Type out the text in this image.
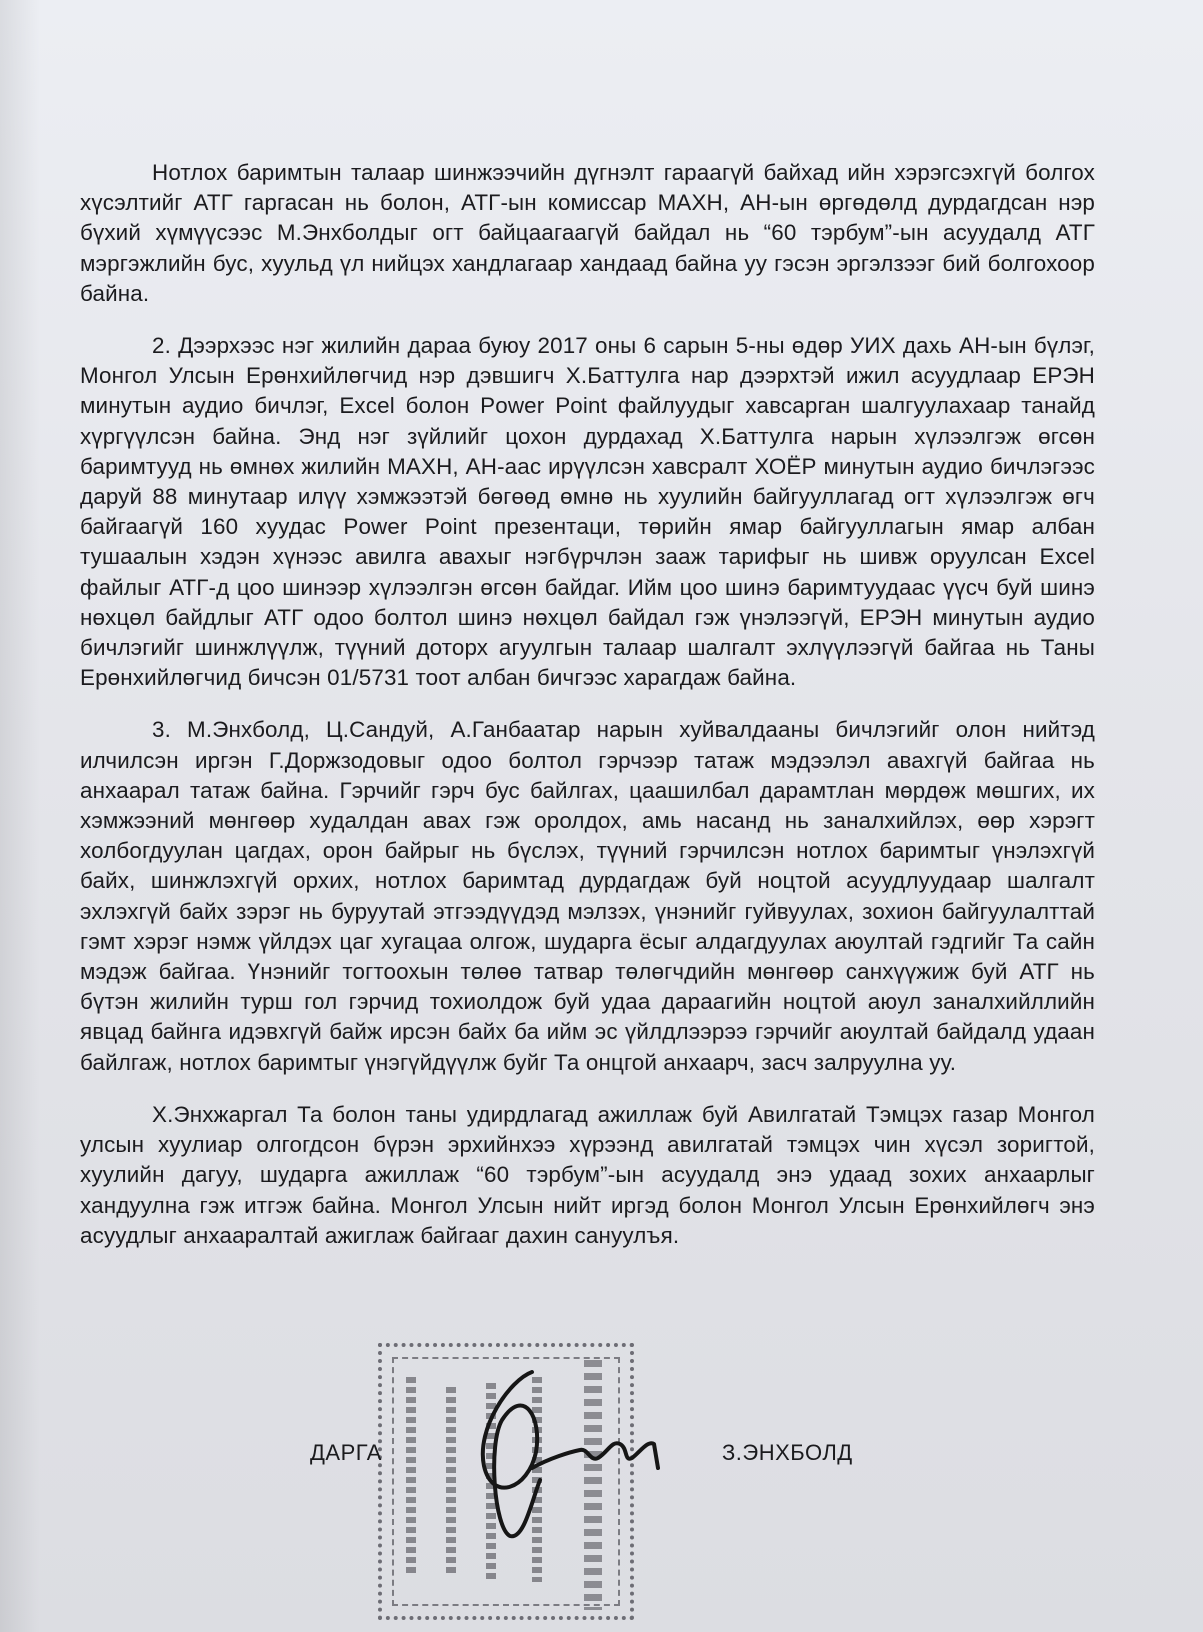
Нотлох баримтын талаар шинжээчийн дүгнэлт гараагүй байхад ийн хэрэгсэхгүй болгох хүсэлтийг АТГ гаргасан нь болон, АТГ-ын комиссар МАХН, АН-ын өргөдөлд дурдагдсан нэр бүхий хүмүүсээс М.Энхболдыг огт байцаагаагүй байдал нь “60 тэрбум”-ын асуудалд АТГ мэргэжлийн бус, хуульд үл нийцэх хандлагаар хандаад байна уу гэсэн эргэлзээг бий болгохоор байна.

2. Дээрхээс нэг жилийн дараа буюу 2017 оны 6 сарын 5-ны өдөр УИХ дахь АН-ын бүлэг, Монгол Улсын Ерөнхийлөгчид нэр дэвшигч Х.Баттулга нар дээрхтэй ижил асуудлаар ЕРЭН минутын аудио бичлэг, Excel болон Power Point файлуудыг хавсарган шалгуулахаар танайд хүргүүлсэн байна. Энд нэг зүйлийг цохон дурдахад Х.Баттулга нарын хүлээлгэж өгсөн баримтууд нь өмнөх жилийн МАХН, АН-аас ирүүлсэн хавсралт ХОЁР минутын аудио бичлэгээс даруй 88 минутаар илүү хэмжээтэй бөгөөд өмнө нь хуулийн байгууллагад огт хүлээлгэж өгч байгаагүй 160 хуудас Power Point презентаци, төрийн ямар байгууллагын ямар албан тушаалын хэдэн хүнээс авилга авахыг нэгбүрчлэн зааж тарифыг нь шивж оруулсан Excel файлыг АТГ-д цоо шинээр хүлээлгэн өгсөн байдаг. Ийм цоо шинэ баримтуудаас үүсч буй шинэ нөхцөл байдлыг АТГ одоо болтол шинэ нөхцөл байдал гэж үнэлээгүй, ЕРЭН минутын аудио бичлэгийг шинжлүүлж, түүний доторх агуулгын талаар шалгалт эхлүүлээгүй байгаа нь Таны Ерөнхийлөгчид бичсэн 01/5731 тоот албан бичгээс харагдаж байна.

3. М.Энхболд, Ц.Сандуй, А.Ганбаатар нарын хуйвалдааны бичлэгийг олон нийтэд илчилсэн иргэн Г.Доржзодовыг одоо болтол гэрчээр татаж мэдээлэл авахгүй байгаа нь анхаарал татаж байна. Гэрчийг гэрч бус байлгах, цаашилбал дарамтлан мөрдөж мөшгих, их хэмжээний мөнгөөр худалдан авах гэж оролдох, амь насанд нь заналхийлэх, өөр хэрэгт холбогдуулан цагдах, орон байрыг нь бүслэх, түүний гэрчилсэн нотлох баримтыг үнэлэхгүй байх, шинжлэхгүй орхих, нотлох баримтад дурдагдаж буй ноцтой асуудлуудаар шалгалт эхлэхгүй байх зэрэг нь буруутай этгээдүүдэд мэлзэх, үнэнийг гуйвуулах, зохион байгуулалттай гэмт хэрэг нэмж үйлдэх цаг хугацаа олгож, шударга ёсыг алдагдуулах аюултай гэдгийг Та сайн мэдэж байгаа. Үнэнийг тогтоохын төлөө татвар төлөгчдийн мөнгөөр санхүүжиж буй АТГ нь бүтэн жилийн турш гол гэрчид тохиолдож буй удаа дараагийн ноцтой аюул заналхийллийн явцад байнга идэвхгүй байж ирсэн байх ба ийм эс үйлдлээрээ гэрчийг аюултай байдалд удаан байлгаж, нотлох баримтыг үнэгүйдүүлж буйг Та онцгой анхаарч, засч залруулна уу.

Х.Энхжаргал Та болон таны удирдлагад ажиллаж буй Авилгатай Тэмцэх газар Монгол улсын хуулиар олгогдсон бүрэн эрхийнхээ хүрээнд авилгатай тэмцэх чин хүсэл зоригтой, хуулийн дагуу, шударга ажиллаж “60 тэрбум”-ын асуудалд энэ удаад зохих анхаарлыг хандуулна гэж итгэж байна. Монгол Улсын нийт иргэд болон Монгол Улсын Ерөнхийлөгч энэ асуудлыг анхааралтай ажиглаж байгааг дахин сануулъя.

ДАРГА	З.ЭНХБОЛД
